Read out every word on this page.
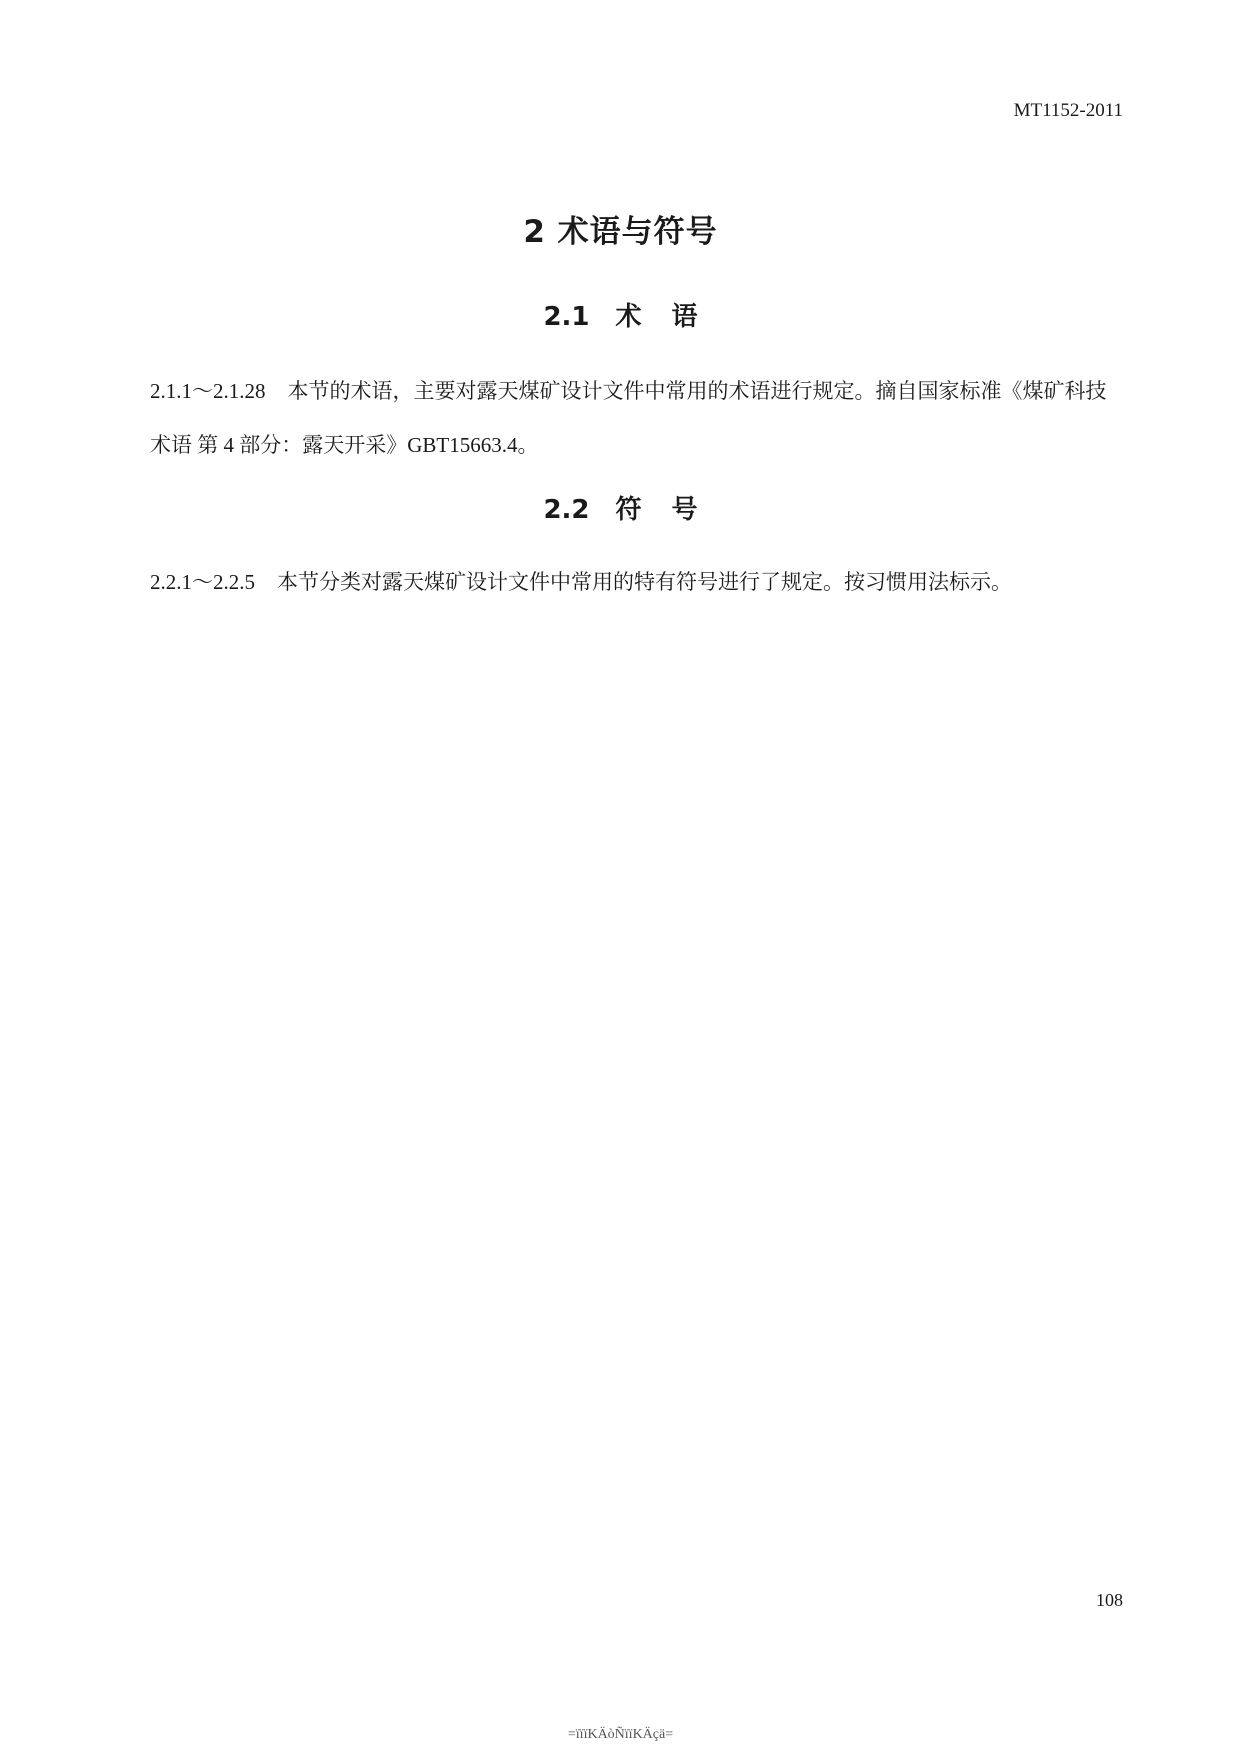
MT1152-2011
2 术语与符号
2.1 术语

2.1.1～2.1.28 本节的术语，主要对露天煤矿设计文件中常用的术语进行规定。摘自国家标准《煤矿科技术语 第 4 部分：露天开采》GBT15663.4。

2.2 符号

2.2.1～2.2.5 本节分类对露天煤矿设计文件中常用的特有符号进行了规定。按习惯用法标示。

108
=ïïïKÄòÑïïKÄçä=
